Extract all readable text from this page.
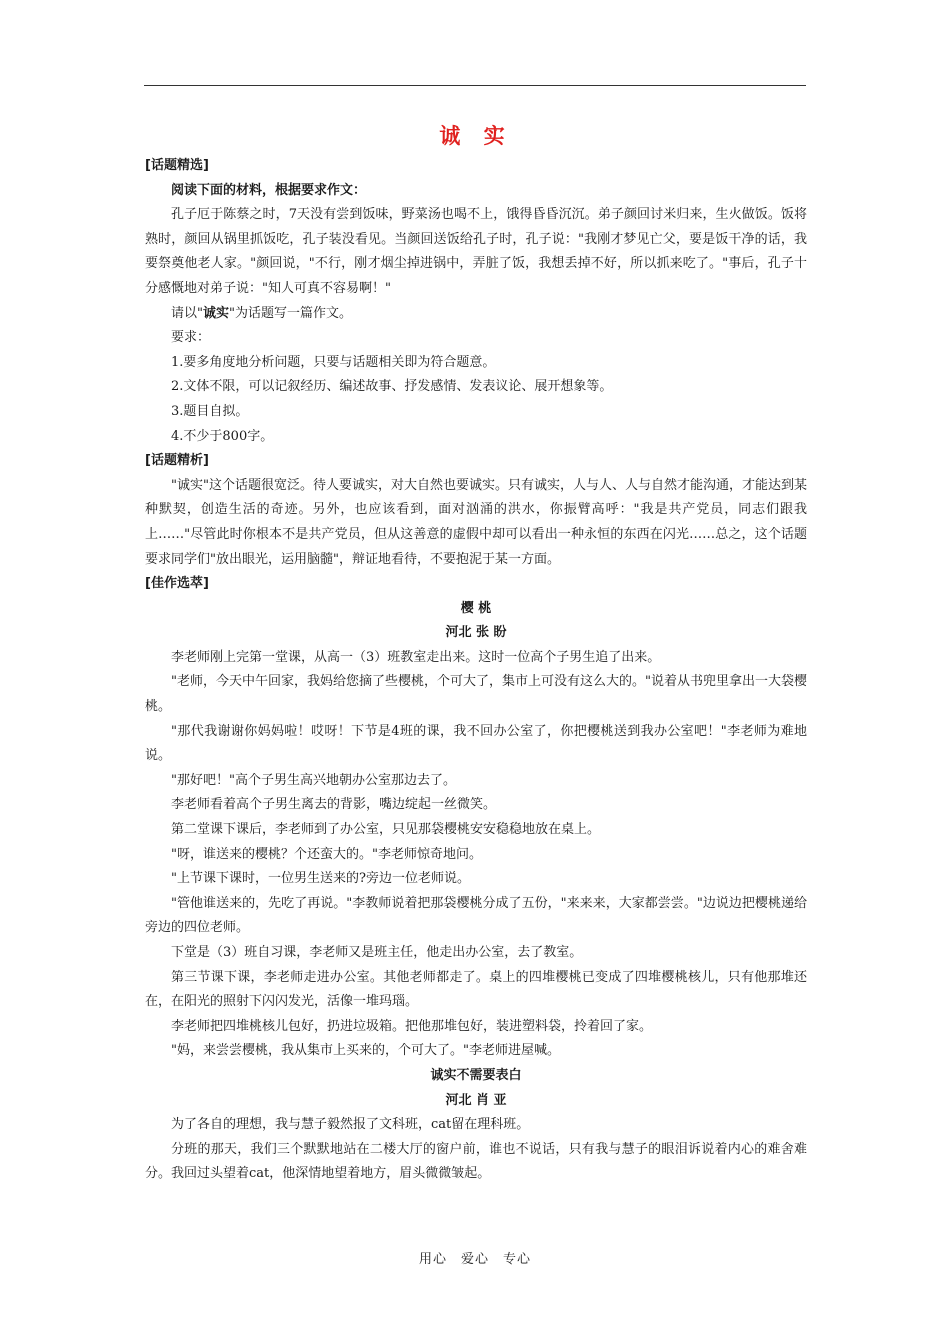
诚 实
[话题精选]

阅读下面的材料，根据要求作文：

孔子厄于陈蔡之时，7天没有尝到饭味，野菜汤也喝不上，饿得昏昏沉沉。弟子颜回讨米归来，生火做饭。饭将熟时，颜回从锅里抓饭吃，孔子装没看见。当颜回送饭给孔子时，孔子说："我刚才梦见亡父，要是饭干净的话，我要祭奠他老人家。"颜回说，"不行，刚才烟尘掉进锅中，弄脏了饭，我想丢掉不好，所以抓来吃了。"事后，孔子十分感慨地对弟子说："知人可真不容易啊！"

请以"诚实"为话题写一篇作文。

要求：

1.要多角度地分析问题，只要与话题相关即为符合题意。

2.文体不限，可以记叙经历、编述故事、抒发感情、发表议论、展开想象等。

3.题目自拟。

4.不少于800字。

[话题精析]

"诚实"这个话题很宽泛。待人要诚实，对大自然也要诚实。只有诚实，人与人、人与自然才能沟通，才能达到某种默契，创造生活的奇迹。另外，也应该看到，面对汹涌的洪水，你振臂高呼："我是共产党员，同志们跟我上……"尽管此时你根本不是共产党员，但从这善意的虚假中却可以看出一种永恒的东西在闪光……总之，这个话题要求同学们"放出眼光，运用脑髓"，辩证地看待，不要抱泥于某一方面。

[佳作选萃]

樱 桃

河北 张 盼

李老师刚上完第一堂课，从高一（3）班教室走出来。这时一位高个子男生追了出来。

"老师，今天中午回家，我妈给您摘了些樱桃，个可大了，集市上可没有这么大的。"说着从书兜里拿出一大袋樱桃。

"那代我谢谢你妈妈啦！哎呀！下节是4班的课，我不回办公室了，你把樱桃送到我办公室吧！"李老师为难地说。

"那好吧！"高个子男生高兴地朝办公室那边去了。

李老师看着高个子男生离去的背影，嘴边绽起一丝微笑。

第二堂课下课后，李老师到了办公室，只见那袋樱桃安安稳稳地放在桌上。

"呀，谁送来的樱桃？个还蛮大的。"李老师惊奇地问。

"上节课下课时，一位男生送来的?旁边一位老师说。

"管他谁送来的，先吃了再说。"李教师说着把那袋樱桃分成了五份，"来来来，大家都尝尝。"边说边把樱桃递给旁边的四位老师。

下堂是（3）班自习课，李老师又是班主任，他走出办公室，去了教室。

第三节课下课，李老师走进办公室。其他老师都走了。桌上的四堆樱桃已变成了四堆樱桃核儿，只有他那堆还在，在阳光的照射下闪闪发光，活像一堆玛瑙。

李老师把四堆桃核儿包好，扔进垃圾箱。把他那堆包好，装进塑料袋，拎着回了家。

"妈，来尝尝樱桃，我从集市上买来的，个可大了。"李老师进屋喊。

诚实不需要表白

河北 肖 亚

为了各自的理想，我与慧子毅然报了文科班，cat留在理科班。

分班的那天，我们三个默默地站在二楼大厅的窗户前，谁也不说话，只有我与慧子的眼泪诉说着内心的难舍难分。我回过头望着cat，他深情地望着地方，眉头微微皱起。

用心　爱心　专心
